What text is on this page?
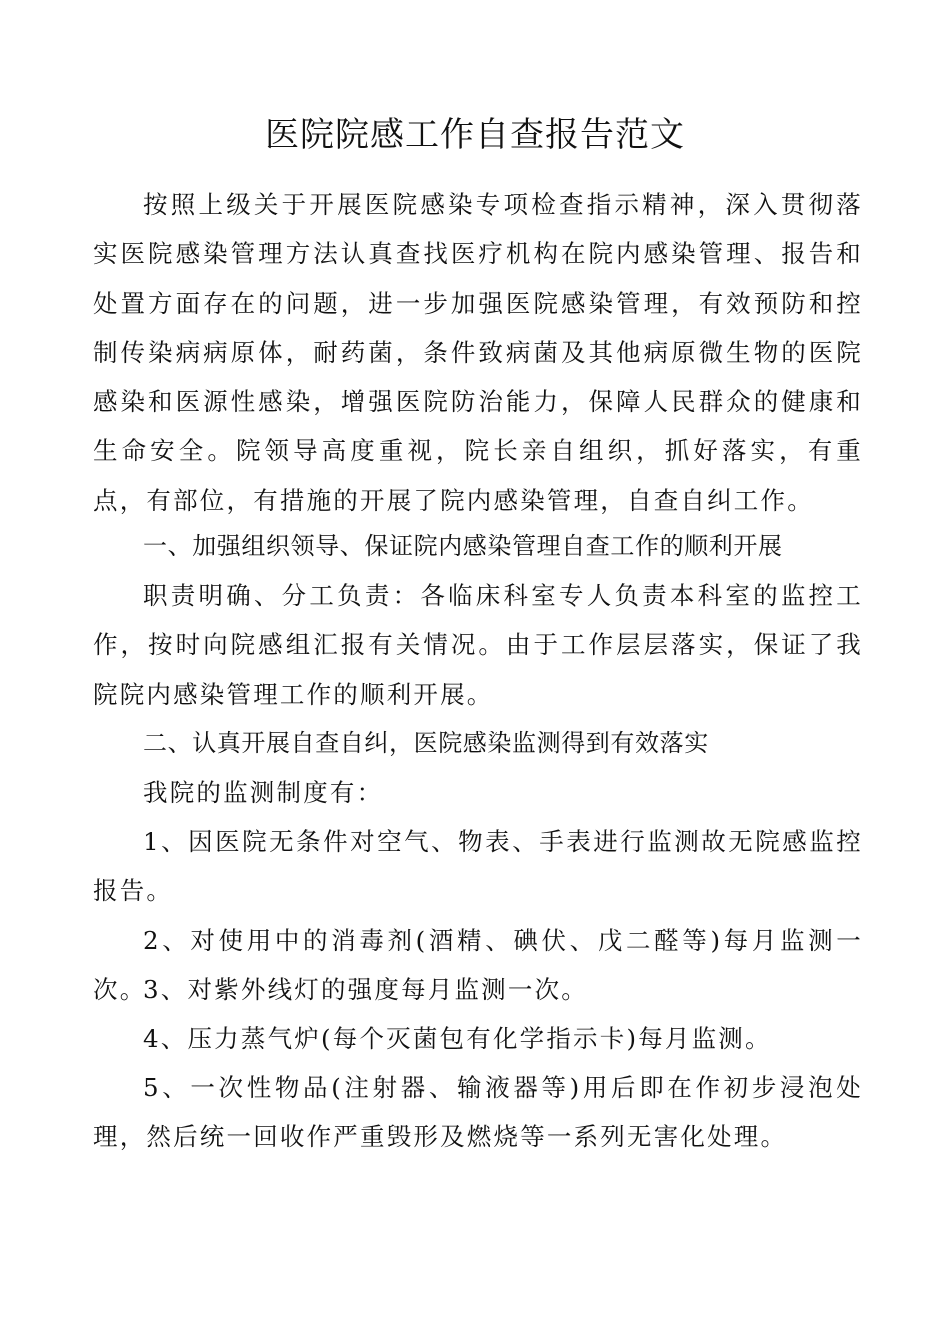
医院院感工作自查报告范文

按照上级关于开展医院感染专项检查指示精神，深入贯彻落实医院感染管理方法认真查找医疗机构在院内感染管理、报告和处置方面存在的问题，进一步加强医院感染管理，有效预防和控制传染病病原体，耐药菌，条件致病菌及其他病原微生物的医院感染和医源性感染，增强医院防治能力，保障人民群众的健康和生命安全。院领导高度重视，院长亲自组织，抓好落实，有重点，有部位，有措施的开展了院内感染管理，自查自纠工作。

一、加强组织领导、保证院内感染管理自查工作的顺利开展

职责明确、分工负责：各临床科室专人负责本科室的监控工作，按时向院感组汇报有关情况。由于工作层层落实，保证了我院院内感染管理工作的顺利开展。

二、认真开展自查自纠，医院感染监测得到有效落实

我院的监测制度有：

1、因医院无条件对空气、物表、手表进行监测故无院感监控报告。

2、对使用中的消毒剂(酒精、碘伏、戊二醛等)每月监测一次。

3、对紫外线灯的强度每月监测一次。

4、压力蒸气炉(每个灭菌包有化学指示卡)每月监测。

5、一次性物品(注射器、输液器等)用后即在作初步浸泡处理，然后统一回收作严重毁形及燃烧等一系列无害化处理。
